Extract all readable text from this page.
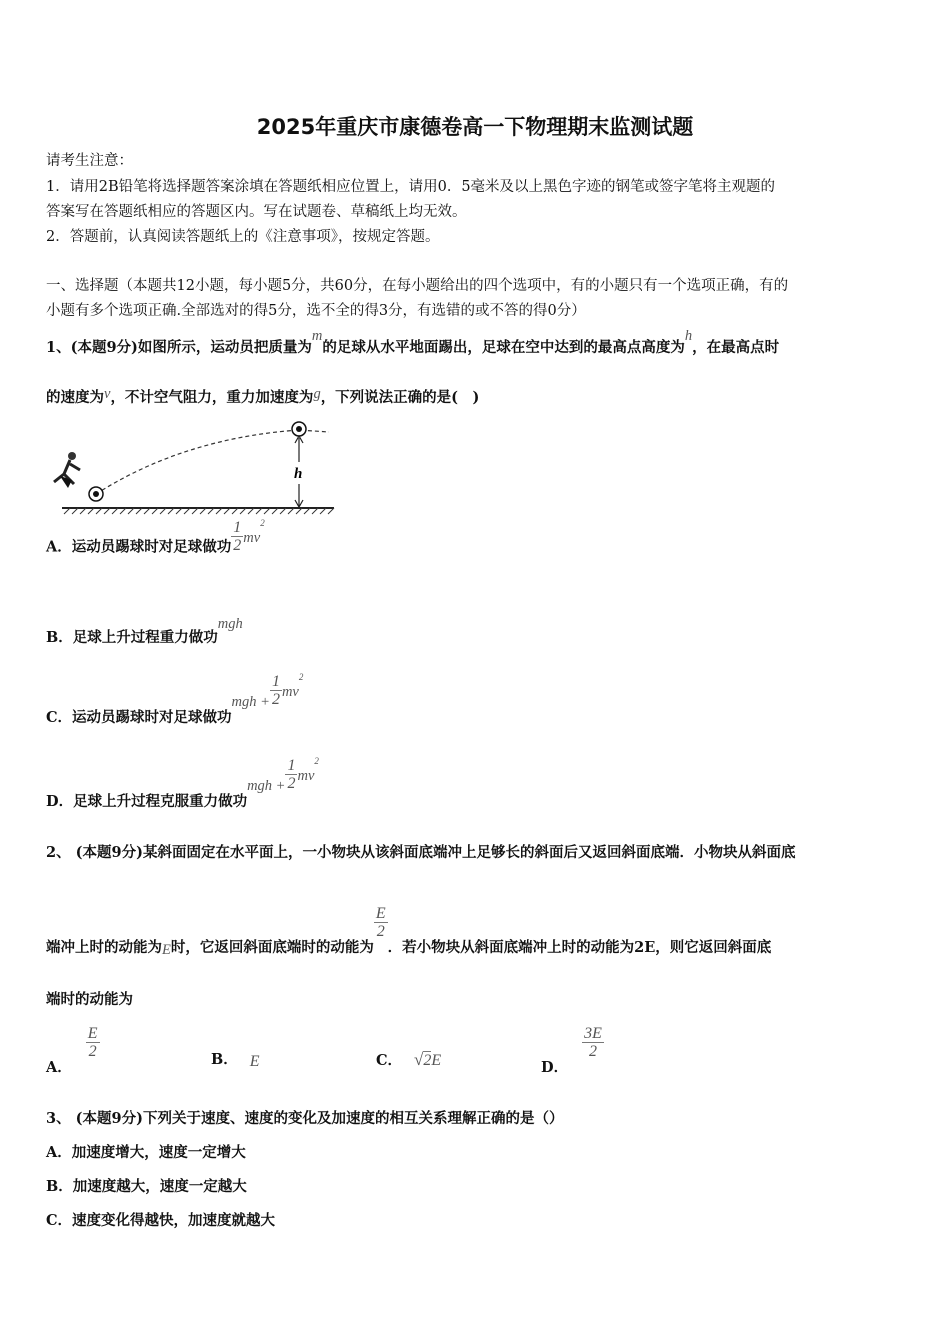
2025年重庆市康德卷高一下物理期末监测试题
请考生注意：
1．请用2B铅笔将选择题答案涂填在答题纸相应位置上，请用0．5毫米及以上黑色字迹的钢笔或签字笔将主观题的
答案写在答题纸相应的答题区内。写在试题卷、草稿纸上均无效。
2．答题前，认真阅读答题纸上的《注意事项》，按规定答题。
一、选择题（本题共12小题，每小题5分，共60分，在每小题给出的四个选项中，有的小题只有一个选项正确，有的
小题有多个选项正确.全部选对的得5分，选不全的得3分，有选错的或不答的得0分）
1、(本题9分)如图所示，运动员把质量为m的足球从水平地面踢出，足球在空中达到的最高点高度为h，在最高点时
的速度为v，不计空气阻力，重力加速度为g，下列说法正确的是(　)
h
A．运动员踢球时对足球做功 $\frac{1}{2} mv^2$
B．足球上升过程重力做功mgh
C．运动员踢球时对足球做功mgh + $\frac{1}{2} mv^2$
D．足球上升过程克服重力做功mgh + $\frac{1}{2} mv^2$
2、 (本题9分)某斜面固定在水平面上，一小物块从该斜面底端冲上足够长的斜面后又返回斜面底端．小物块从斜面底
端冲上时的动能为E时，它返回斜面底端时的动能为
$\frac{E}{2}$
．若小物块从斜面底端冲上时的动能为2E，则它返回斜面底
端时的动能为
A．
$\frac{E}{2}$	B． E	C． √2E	D．
$\frac{3E}{2}$
3、 (本题9分)下列关于速度、速度的变化及加速度的相互关系理解正确的是（）
A．加速度增大，速度一定增大
B．加速度越大，速度一定越大
C．速度变化得越快，加速度就越大
